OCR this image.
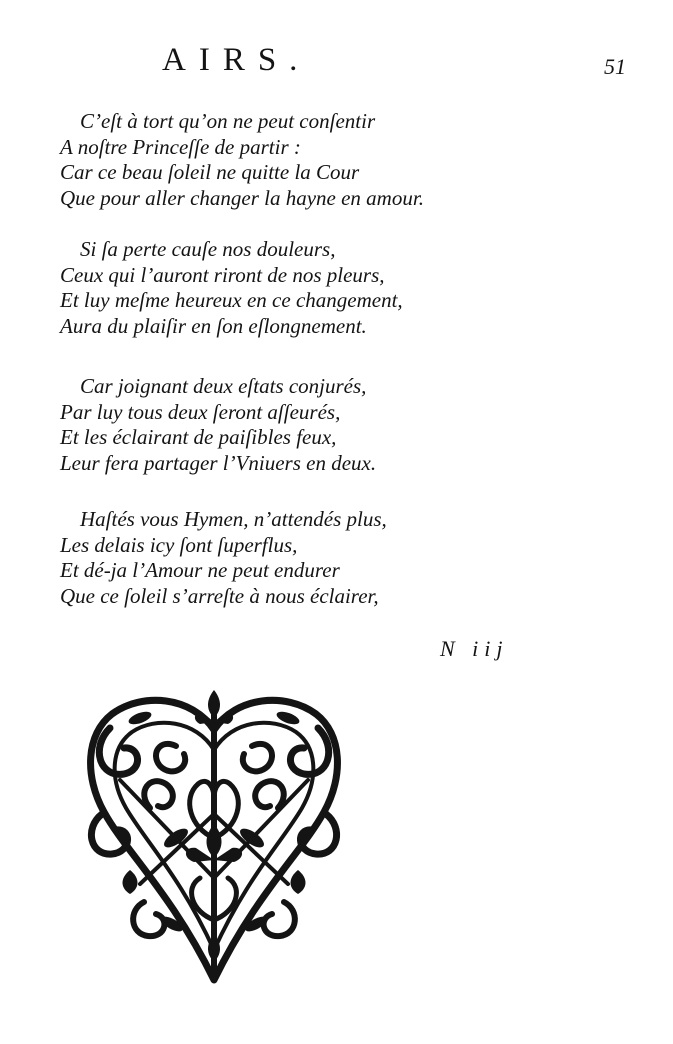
AIRS.	51
C’eſt à tort qu’on ne peut conſentir
A noſtre Princeſſe de partir :
Car ce beau ſoleil ne quitte la Cour
Que pour aller changer la hayne en amour.
Si ſa perte cauſe nos douleurs,
Ceux qui l’auront riront de nos pleurs,
Et luy meſme heureux en ce changement,
Aura du plaiſir en ſon eſlongnement.
Car joignant deux eſtats conjurés,
Par luy tous deux ſeront aſſeurés,
Et les éclairant de paiſibles feux,
Leur fera partager l’Vniuers en deux.
Haſtés vous Hymen, n’attendés plus,
Les delais icy ſont ſuperflus,
Et dé-ja l’Amour ne peut endurer
Que ce ſoleil s’arreſte à nous éclairer,
N iij
